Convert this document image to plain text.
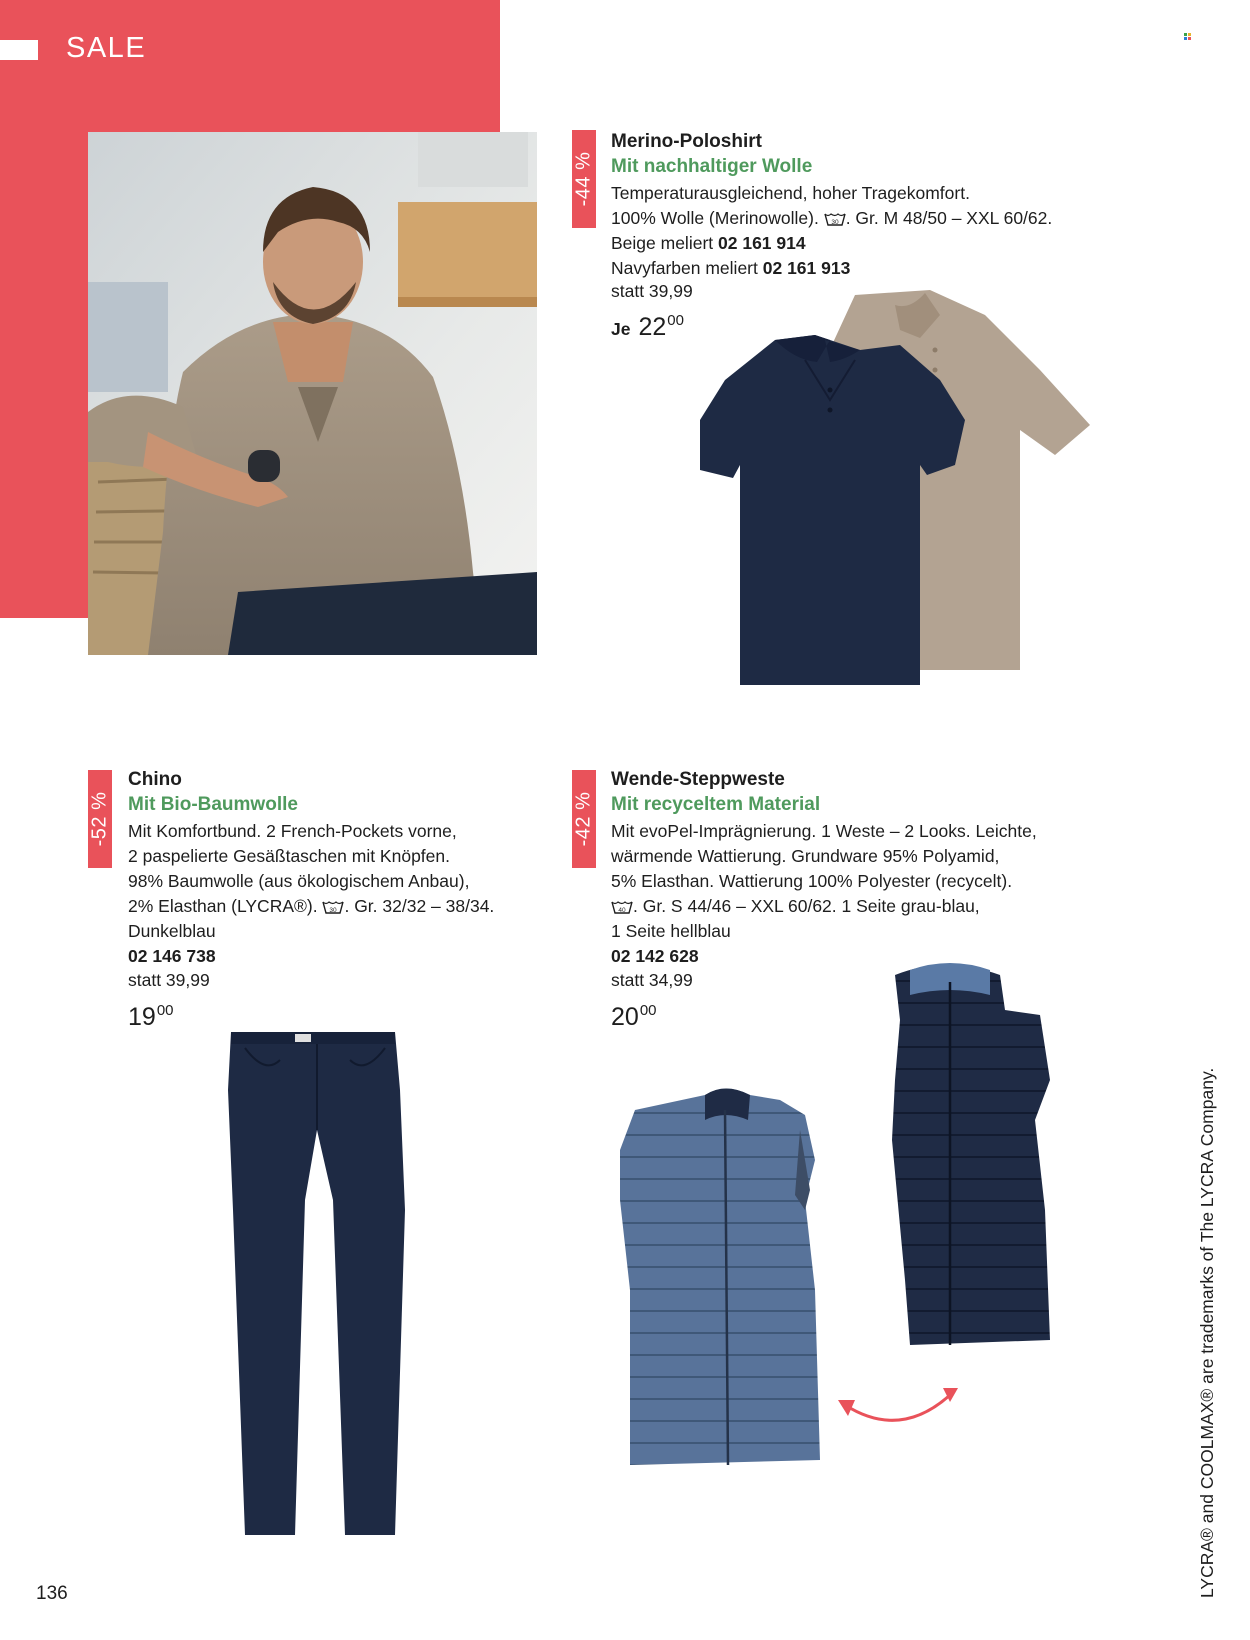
SALE
-44 %
Merino-Poloshirt
Mit nachhaltiger Wolle
Temperaturausgleichend, hoher Tragekomfort.
100% Wolle (Merinowolle). 30 . Gr. M 48/50 – XXL 60/62.
Beige meliert 02 161 914
Navyfarben meliert 02 161 913
statt 39,99
Je $22^{00}$
-52 %
Chino
Mit Bio-Baumwolle
Mit Komfortbund. 2 French-Pockets vorne,
2 paspelierte Gesäßtaschen mit Knöpfen.
98% Baumwolle (aus ökologischem Anbau),
2% Elasthan (LYCRA®). 30 . Gr. 32/32 – 38/34.
Dunkelblau
02 146 738
statt 39,99
$19^{00}$
-42 %
Wende-Steppweste
Mit recyceltem Material
Mit evoPel-Imprägnierung. 1 Weste – 2 Looks. Leichte,
wärmende Wattierung. Grundware 95% Polyamid,
5% Elasthan. Wattierung 100% Polyester (recycelt).
40 . Gr. S 44/46 – XXL 60/62. 1 Seite grau-blau,
1 Seite hellblau
02 142 628
statt 34,99
$20^{00}$
136	LYCRA® and COOLMAX® are trademarks of The LYCRA Company.
